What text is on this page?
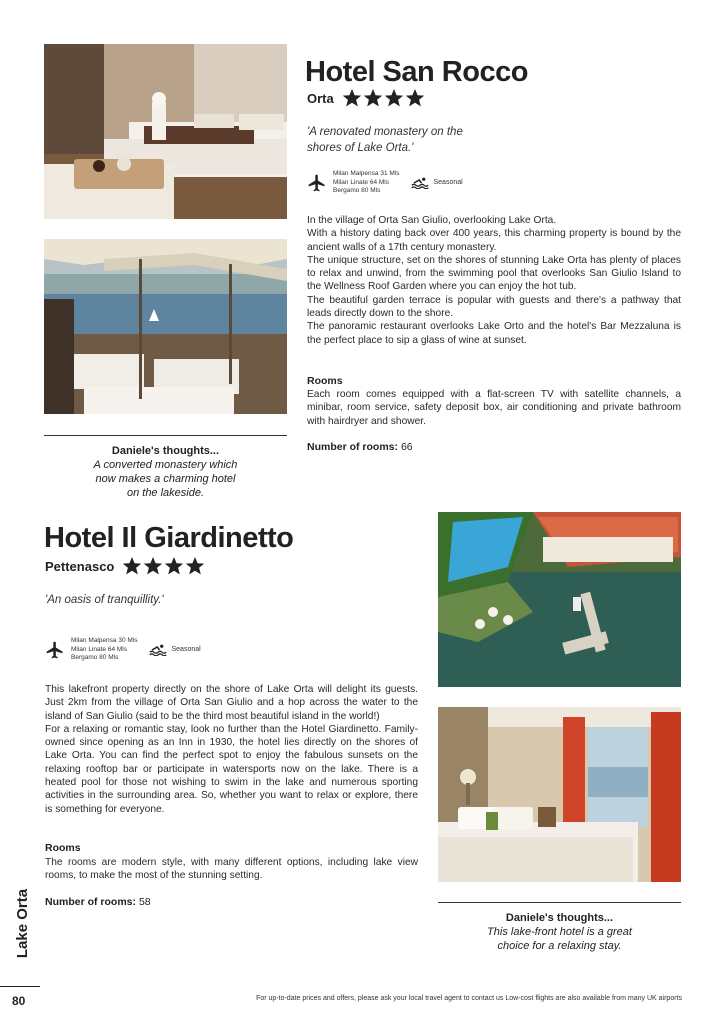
Hotel San Rocco
Orta
'A renovated monastery on the
shores of Lake Orta.'
Milan Malpensa 31 Mls
Milan Linate 64 Mls
Bergamo 80 Mls
Seasonal

In the village of Orta San Giulio, overlooking Lake Orta.

With a history dating back over 400 years, this charming property is bound by the ancient walls of a 17th century monastery.

The unique structure, set on the shores of stunning Lake Orta has plenty of places to relax and unwind, from the swimming pool that overlooks San Giulio Island to the Wellness Roof Garden where you can enjoy the hot tub.

The beautiful garden terrace is popular with guests and there's a pathway that leads directly down to the shore.

The panoramic restaurant overlooks Lake Orto and the hotel's Bar Mezzaluna is the perfect place to sip a glass of wine at sunset.

Rooms
Each room comes equipped with a flat-screen TV with satellite channels, a minibar, room service, safety deposit box, air conditioning and private bathroom with hairdryer and shower.
Number of rooms: 66
Daniele's thoughts...
A converted monastery which
now makes a charming hotel
on the lakeside.
Hotel Il Giardinetto
Pettenasco
'An oasis of tranquillity.'
Milan Malpensa 30 Mls
Milan Linate 64 Mls
Bergamo 80 Mls
Seasonal

This lakefront property directly on the shore of Lake Orta will delight its guests. Just 2km from the village of Orta San Giulio and a hop across the water to the island of San Giulio (said to be the third most beautiful island in the world!)

For a relaxing or romantic stay, look no further than the Hotel Giardinetto. Family-owned since opening as an Inn in 1930, the hotel lies directly on the shores of Lake Orta. You can find the perfect spot to enjoy the fabulous sunsets on the relaxing rooftop bar or participate in watersports now on the lake. There is a heated pool for those not wishing to swim in the lake and numerous sporting activities in the surrounding area. So, whether you want to relax or explore, there is something for everyone.

Rooms
The rooms are modern style, with many different options, including lake view rooms, to make the most of the stunning setting.
Number of rooms: 58
Daniele's thoughts...
This lake-front hotel is a great
choice for a relaxing stay.
Lake Orta
80	For up-to-date prices and offers, please ask your local travel agent to contact us Low-cost flights are also available from many UK airports
